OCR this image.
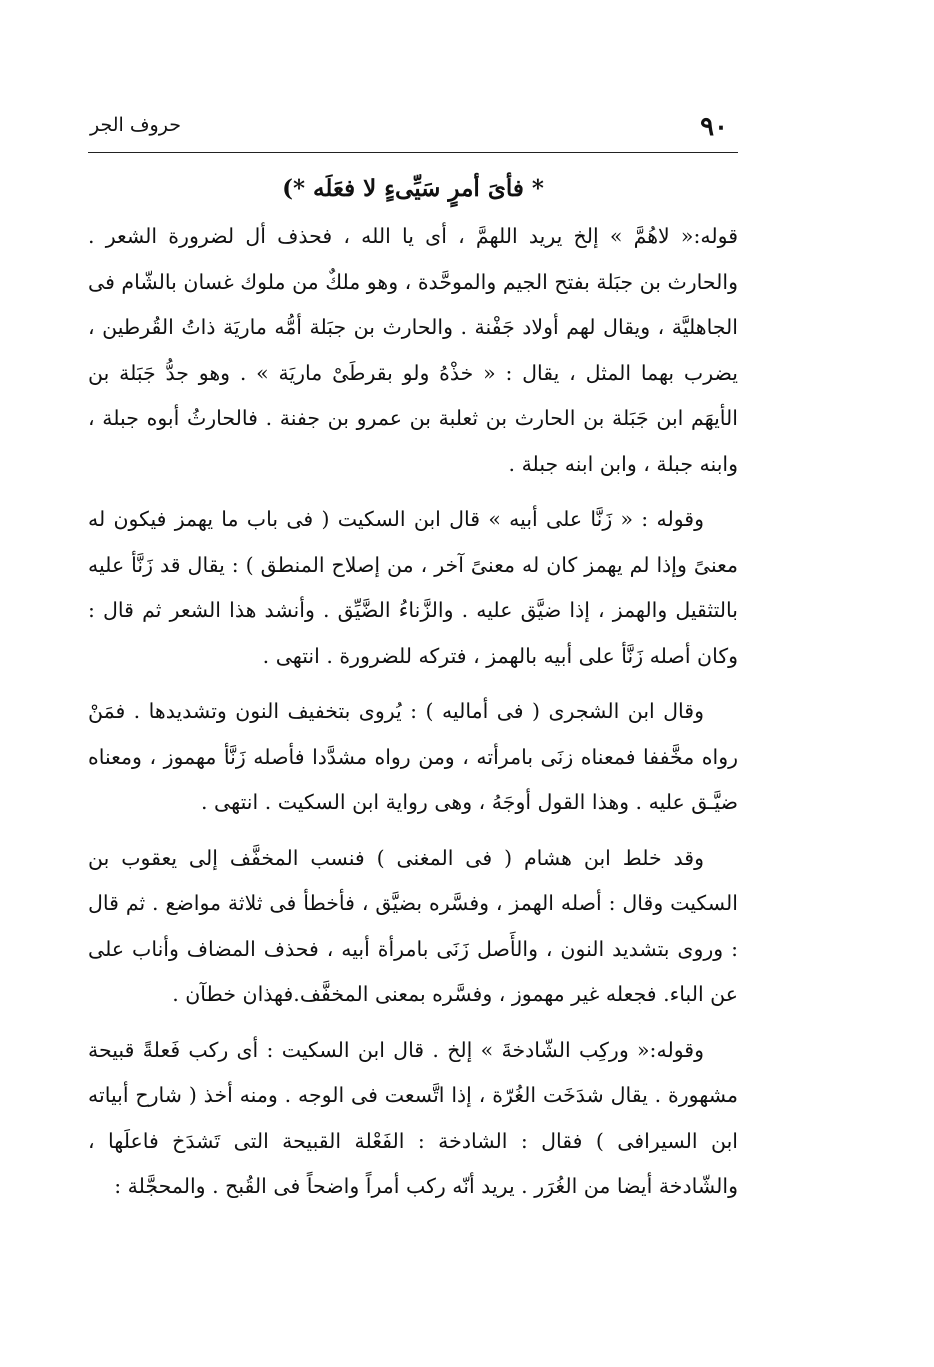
٩٠
حروف الجر
* فأىَ أمرٍ سَيِّىءٍ لا فعَلَه *)

قوله:« لاهُمَّ » إلخ يريد اللهمَّ ، أى يا الله ، فحذف أل لضرورة الشعر . والحارث بن جبَلة بفتح الجيم والموحَّدة ، وهو ملكٌ من ملوك غسان بالشّام فى الجاهليَّة ، ويقال لهم أولاد جَفْنة . والحارث بن جبَلة أمُّه ماريَة ذاتُ القُرطين ، يضرب بهما المثل ، يقال : « خذْهُ ولو بقرطَىْ ماريَة » . وهو جدُّ جَبَلة بن الأيهَم ابن جَبَلة بن الحارث بن ثعلبة بن عمرو بن جفنة . فالحارثُ أبوه جبلة ، وابنه جبلة ، وابن ابنه جبلة .

وقوله : « زَنَّا على أبيه » قال ابن السكيت ( فى باب ما يهمز فيكون له معنىً وإذا لم يهمز كان له معنىً آخر ، من إصلاح المنطق ) : يقال قد زَنَّأ عليه بالتثقيل والهمز ، إذا ضيَّق عليه . والزَّناءُ الضَّيِّق . وأنشد هذا الشعر ثم قال : وكان أصله زَنَّأ على أبيه بالهمز ، فتركه للضرورة . انتهى .

وقال ابن الشجرى ( فى أماليه ) : يُروى بتخفيف النون وتشديدها . فمَنْ رواه مخَّففا فمعناه زنَى بامرأته ، ومن رواه مشدَّدا فأصله زَنَّأ مهموز ، ومعناه ضيَّـق عليه . وهذا القول أوجَهُ ، وهى رواية ابن السكيت . انتهى .

وقد خلط ابن هشام ( فى المغنى ) فنسب المخفَّف إلى يعقوب بن السكيت وقال : أصله الهمز ، وفسَّره بضيَّق ، فأخطأ فى ثلاثة مواضع . ثم قال : وروى بتشديد النون ، والأَصل زَنَى بامرأة أبيه ، فحذف المضاف وأناب على عن الباء. فجعله غير مهموز ، وفسَّره بمعنى المخفَّف.فهذان خطآن .

وقوله:« وركِب الشّادخةَ » إلخ . قال ابن السكيت : أى ركب فَعلةً قبيحة مشهورة . يقال شدَخَت الغُرّة ، إذا اتَّسعت فى الوجه . ومنه أخذ ( شارح أبياته ابن السيرافى ) فقال : الشادخة : الفَعْلة القبيحة التى تَشدَخ فاعلَها ، والشّادخة أيضا من الغُرَر . يريد أنّه ركب أمراً واضحاً فى القُبح . والمحجَّلة :
